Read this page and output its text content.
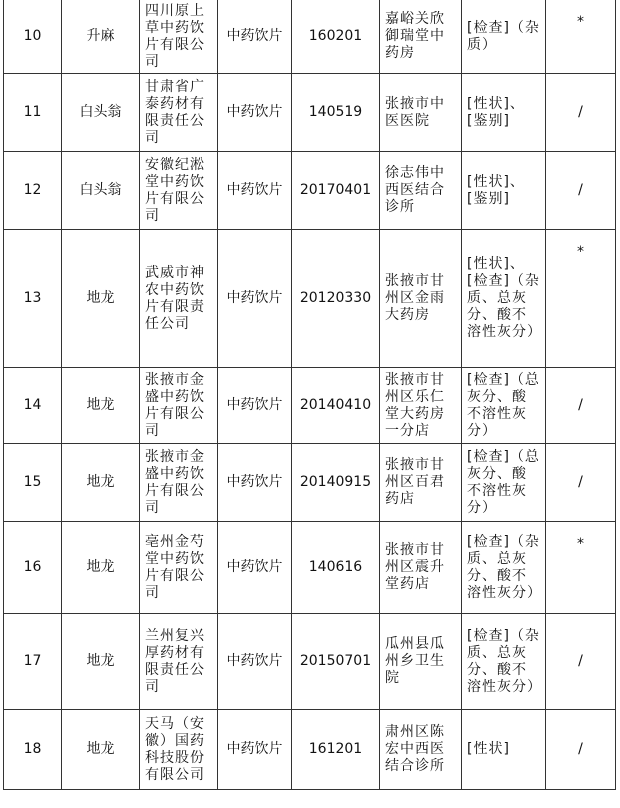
10	升麻	四川原上草中药饮片有限公司	中药饮片	160201	嘉峪关欣御瑞堂中药房	[检查]（杂质）	*
11	白头翁	甘肃省广泰药材有限责任公司	中药饮片	140519	张掖市中医医院	[性状]、[鉴别]	/
12	白头翁	安徽纪淞堂中药饮片有限公司	中药饮片	20170401	徐志伟中西医结合诊所	[性状]、[鉴别]	/
13	地龙	武威市神农中药饮片有限责任公司	中药饮片	20120330	张掖市甘州区金雨大药房	[性状]、[检查]（杂质、总灰分、酸不溶性灰分）	*
14	地龙	张掖市金盛中药饮片有限公司	中药饮片	20140410	张掖市甘州区乐仁堂大药房一分店	[检查]（总灰分、酸不溶性灰分）	/
15	地龙	张掖市金盛中药饮片有限公司	中药饮片	20140915	张掖市甘州区百君药店	[检查]（总灰分、酸不溶性灰分）	/
16	地龙	亳州金芍堂中药饮片有限公司	中药饮片	140616	张掖市甘州区震升堂药店	[检查]（杂质、总灰分、酸不溶性灰分）	*
17	地龙	兰州复兴厚药材有限责任公司	中药饮片	20150701	瓜州县瓜州乡卫生院	[检查]（杂质、总灰分、酸不溶性灰分）	/
18	地龙	天马（安徽）国药科技股份有限公司	中药饮片	161201	肃州区陈宏中西医结合诊所	[性状]	/
